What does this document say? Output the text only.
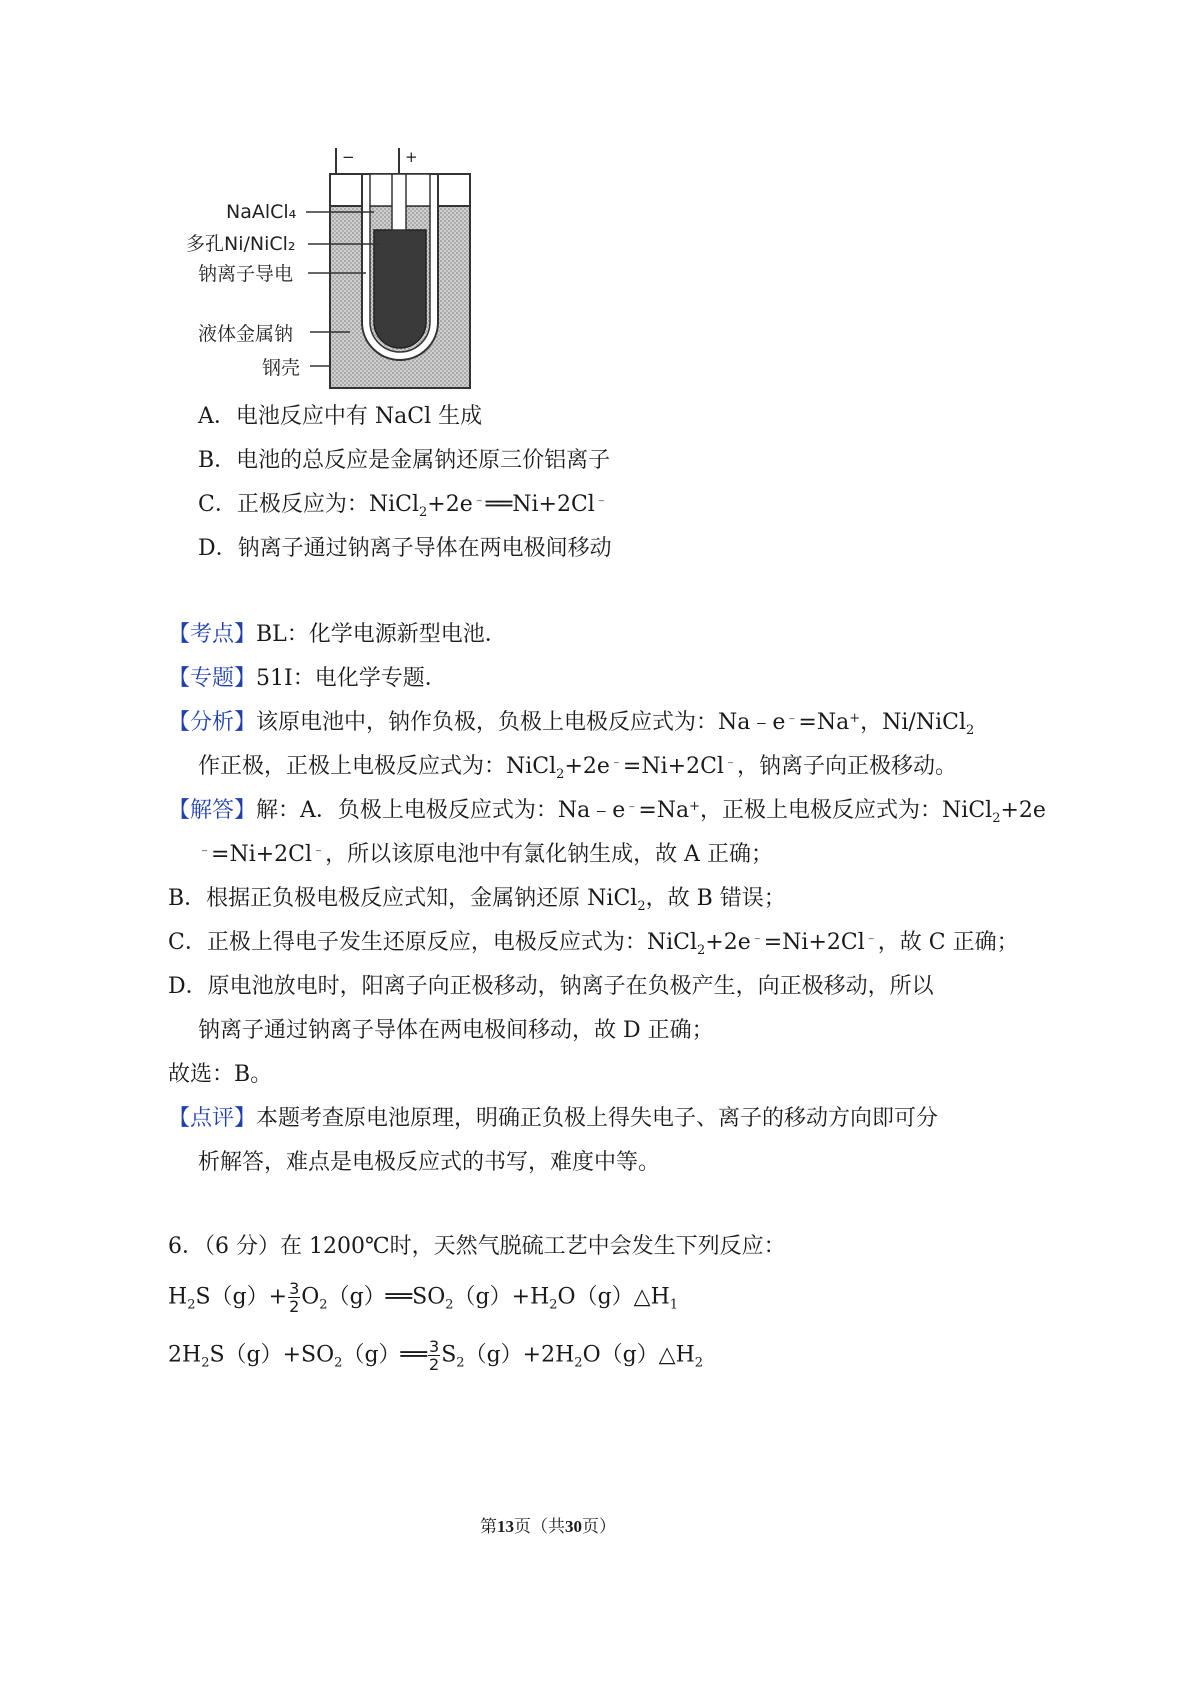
−	+
NaAlCl₄
多孔Ni/NiCl₂
钠离子导电
液体金属钠
钢壳
A．电池反应中有 NaCl 生成
B．电池的总反应是金属钠还原三价铝离子
C．正极反应为：NiCl$_2$+2e﹣══Ni+2Cl﹣
D．钠离子通过钠离子导体在两电极间移动
【考点】BL：化学电源新型电池．
【专题】51I：电化学专题．
【分析】该原电池中，钠作负极，负极上电极反应式为：Na﹣e﹣=Na+，Ni/NiCl$_2$
作正极，正极上电极反应式为：NiCl$_2$+2e﹣=Ni+2Cl﹣，钠离子向正极移动。
【解答】解：A．负极上电极反应式为：Na﹣e﹣=Na+，正极上电极反应式为：NiCl$_2$+2e
﹣=Ni+2Cl﹣，所以该原电池中有氯化钠生成，故 A 正确；
B．根据正负极电极反应式知，金属钠还原 NiCl$_2$，故 B 错误；
C．正极上得电子发生还原反应，电极反应式为：NiCl$_2$+2e﹣=Ni+2Cl﹣，故 C 正确；
D．原电池放电时，阳离子向正极移动，钠离子在负极产生，向正极移动，所以
钠离子通过钠离子导体在两电极间移动，故 D 正确；
故选：B。
【点评】本题考查原电池原理，明确正负极上得失电子、离子的移动方向即可分
析解答，难点是电极反应式的书写，难度中等。
6．（6 分）在 1200℃时，天然气脱硫工艺中会发生下列反应：
$H_2S(g)+ \frac{3}{2}$ $O_2(g)══SO_2(g)+H_2O(g)\triangle H_1$
$2H_2S(g)+SO_2(g)══ \frac{3}{2}$ $S_2(g)+2H_2O(g)\triangle H_2$
第13页（共30页）
